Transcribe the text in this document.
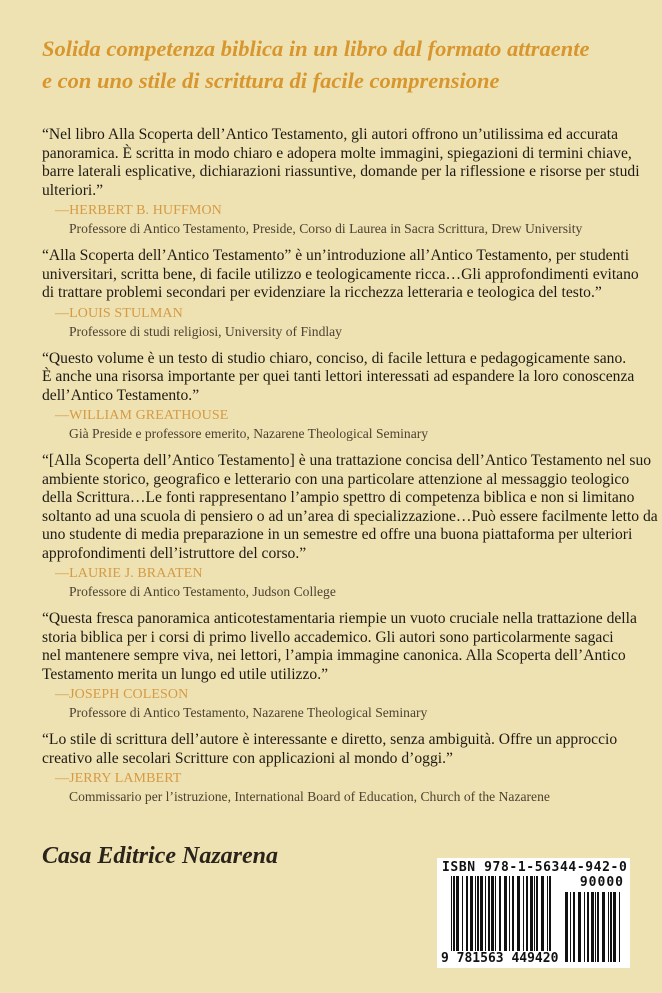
Solida competenza biblica in un libro dal formato attraente
e con uno stile di scrittura di facile comprensione
“Nel libro Alla Scoperta dell’Antico Testamento, gli autori offrono un’utilissima ed accurata
panoramica. È scritta in modo chiaro e adopera molte immagini, spiegazioni di termini chiave,
barre laterali esplicative, dichiarazioni riassuntive, domande per la riflessione e risorse per studi
ulteriori.”
—HERBERT B. HUFFMON
Professore di Antico Testamento, Preside, Corso di Laurea in Sacra Scrittura, Drew University
“Alla Scoperta dell’Antico Testamento” è un’introduzione all’Antico Testamento, per studenti
universitari, scritta bene, di facile utilizzo e teologicamente ricca…Gli approfondimenti evitano
di trattare problemi secondari per evidenziare la ricchezza letteraria e teologica del testo.”
—LOUIS STULMAN
Professore di studi religiosi, University of Findlay
“Questo volume è un testo di studio chiaro, conciso, di facile lettura e pedagogicamente sano.
È anche una risorsa importante per quei tanti lettori interessati ad espandere la loro conoscenza
dell’Antico Testamento.”
—WILLIAM GREATHOUSE
Già Preside e professore emerito, Nazarene Theological Seminary
“[Alla Scoperta dell’Antico Testamento] è una trattazione concisa dell’Antico Testamento nel suo
ambiente storico, geografico e letterario con una particolare attenzione al messaggio teologico
della Scrittura…Le fonti rappresentano l’ampio spettro di competenza biblica e non si limitano
soltanto ad una scuola di pensiero o ad un’area di specializzazione…Può essere facilmente letto da
uno studente di media preparazione in un semestre ed offre una buona piattaforma per ulteriori
approfondimenti dell’istruttore del corso.”
—LAURIE J. BRAATEN
Professore di Antico Testamento, Judson College
“Questa fresca panoramica anticotestamentaria riempie un vuoto cruciale nella trattazione della
storia biblica per i corsi di primo livello accademico. Gli autori sono particolarmente sagaci
nel mantenere sempre viva, nei lettori, l’ampia immagine canonica. Alla Scoperta dell’Antico
Testamento merita un lungo ed utile utilizzo.”
—JOSEPH COLESON
Professore di Antico Testamento, Nazarene Theological Seminary
“Lo stile di scrittura dell’autore è interessante e diretto, senza ambiguità. Offre un approccio
creativo alle secolari Scritture con applicazioni al mondo d’oggi.”
—JERRY LAMBERT
Commissario per l’istruzione, International Board of Education, Church of the Nazarene
Casa Editrice Nazarena	ISBN 978-1-56344-942-0
90000
9 781563 449420
